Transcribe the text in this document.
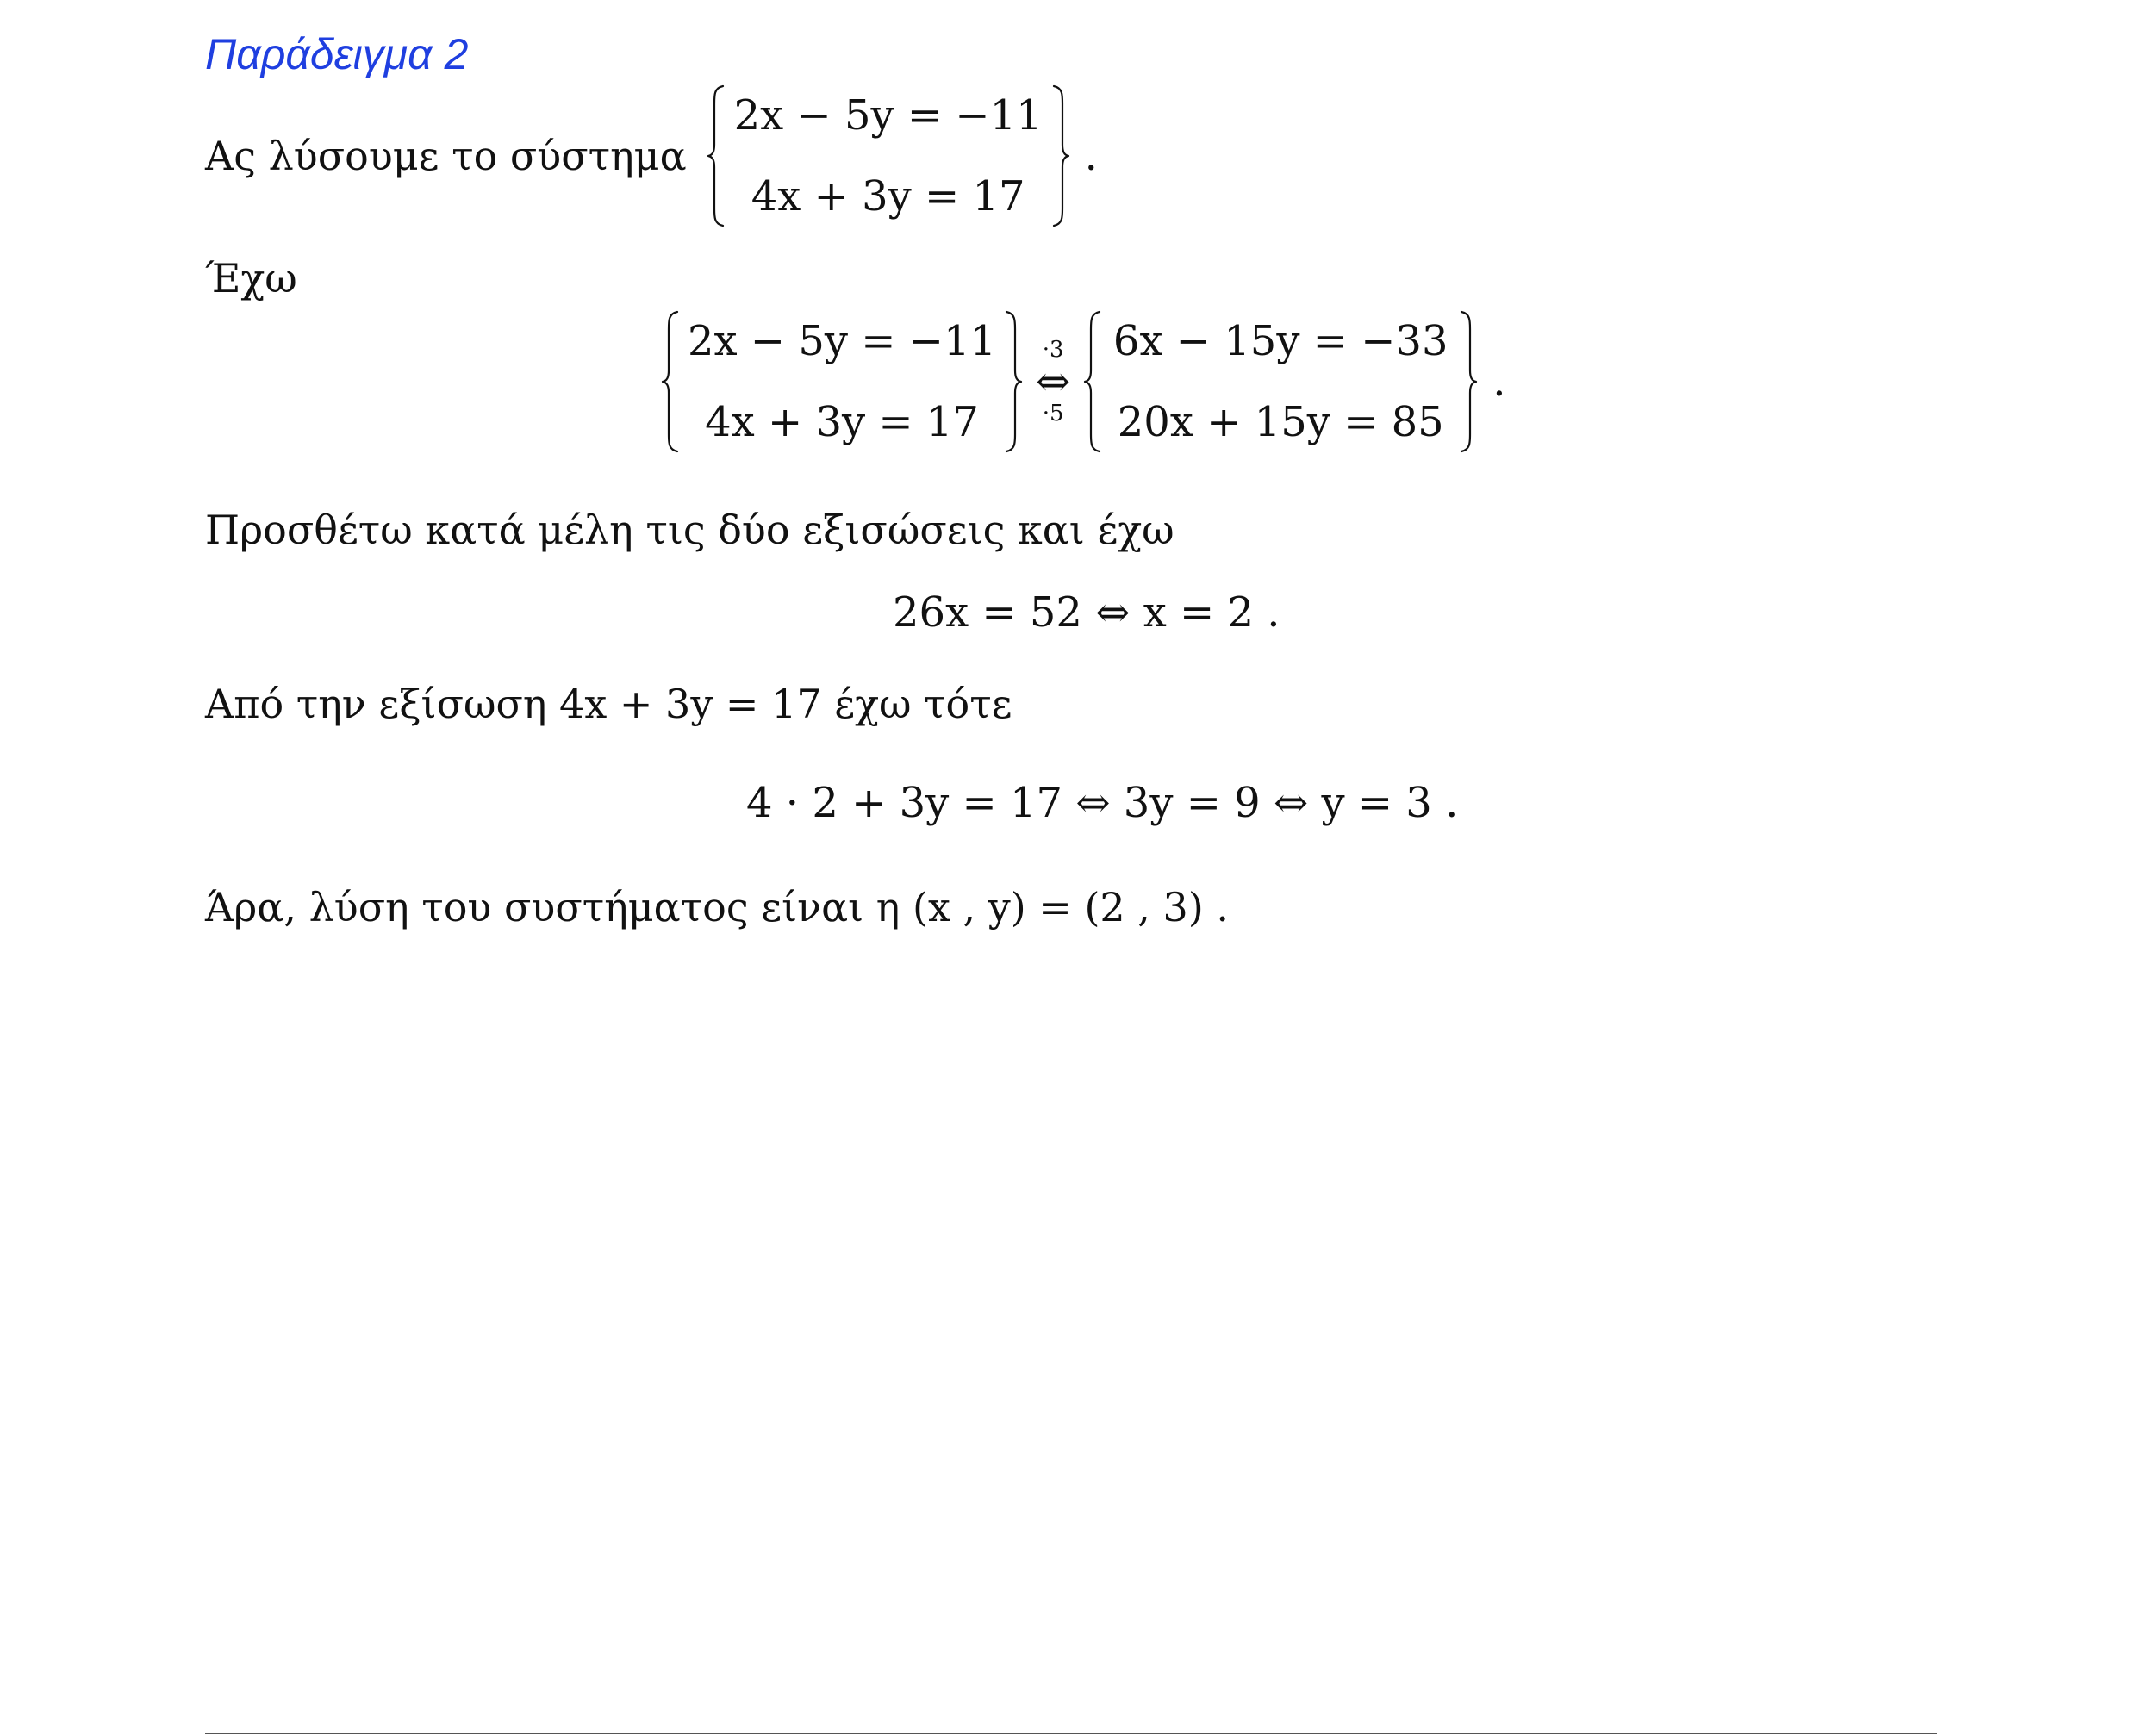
Παράδειγμα 2
Ας λύσουμε το σύστημα
2x − 5y = −11
4x + 3y = 17
.
Έχω
2x − 5y = −11
4x + 3y = 17
·3
⇔
·5
6x − 15y = −33
20x + 15y = 85
.
Προσθέτω κατά μέλη τις δύο εξισώσεις και έχω
26x = 52 ⇔ x = 2 .
Από την εξίσωση 4x + 3y = 17 έχω τότε
4 · 2 + 3y = 17 ⇔ 3y = 9 ⇔ y = 3 .
Άρα, λύση του συστήματος είναι η (x , y) = (2 , 3) .
